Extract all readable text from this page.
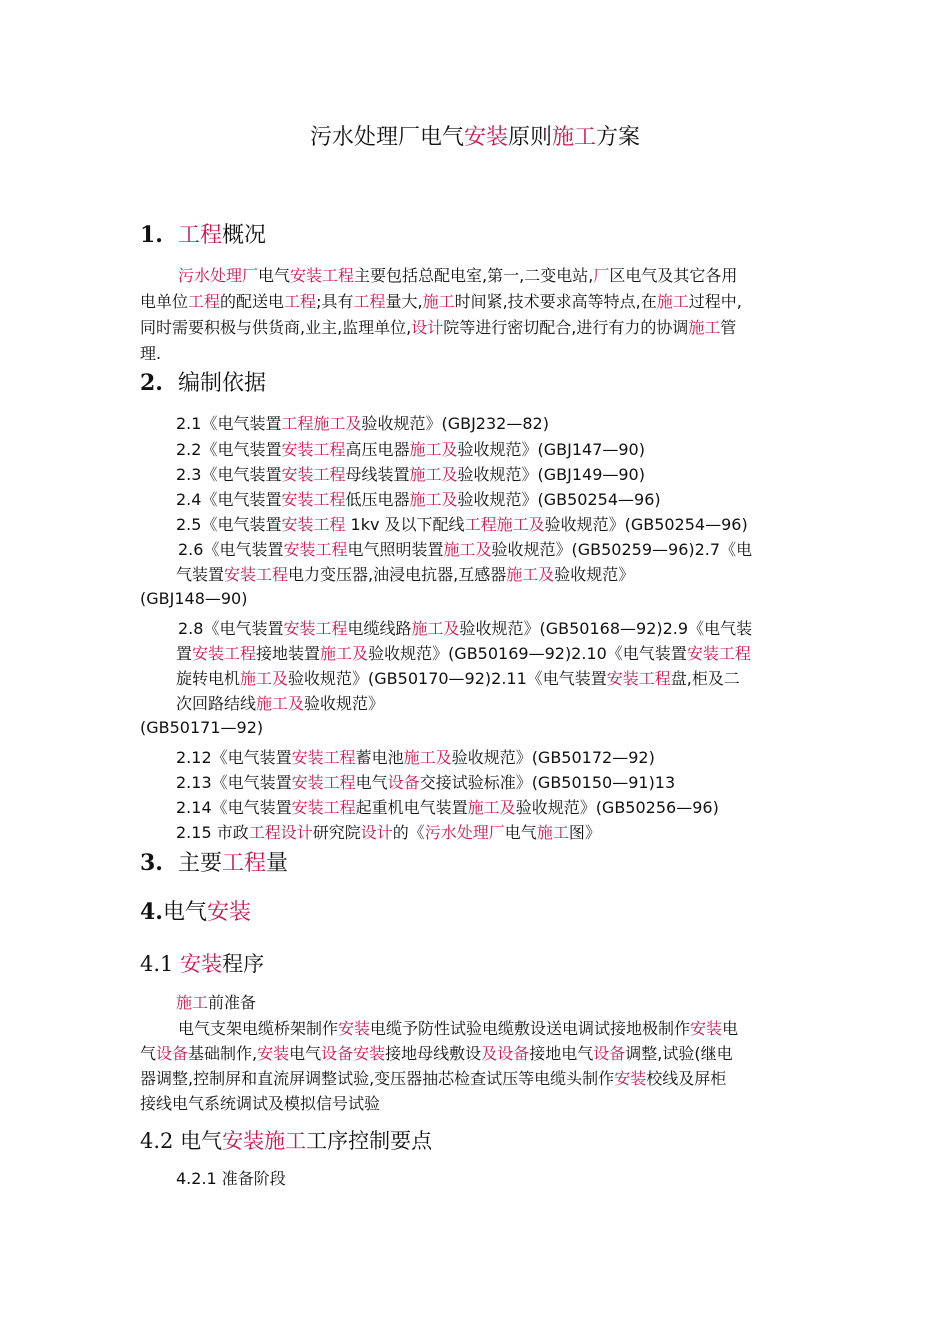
污水处理厂电气安装原则施工方案
1. 工程概况
污水处理厂电气安装工程主要包括总配电室,第一,二变电站,厂区电气及其它各用
电单位工程的配送电工程;具有工程量大,施工时间紧,技术要求高等特点,在施工过程中,
同时需要积极与供货商,业主,监理单位,设计院等进行密切配合,进行有力的协调施工管
理.
2. 编制依据
2.1《电气装置工程施工及验收规范》(GBJ232—82)
2.2《电气装置安装工程高压电器施工及验收规范》(GBJ147—90)
2.3《电气装置安装工程母线装置施工及验收规范》(GBJ149—90)
2.4《电气装置安装工程低压电器施工及验收规范》(GB50254—96)
2.5《电气装置安装工程 1kv 及以下配线工程施工及验收规范》(GB50254—96)
2.6《电气装置安装工程电气照明装置施工及验收规范》(GB50259—96)2.7《电
气装置安装工程电力变压器,油浸电抗器,互感器施工及验收规范》
(GBJ148—90)
2.8《电气装置安装工程电缆线路施工及验收规范》(GB50168—92)2.9《电气装
置安装工程接地装置施工及验收规范》(GB50169—92)2.10《电气装置安装工程
旋转电机施工及验收规范》(GB50170—92)2.11《电气装置安装工程盘,柜及二
次回路结线施工及验收规范》
(GB50171—92)
2.12《电气装置安装工程蓄电池施工及验收规范》(GB50172—92)
2.13《电气装置安装工程电气设备交接试验标准》(GB50150—91)13
2.14《电气装置安装工程起重机电气装置施工及验收规范》(GB50256—96)
2.15 市政工程设计研究院设计的《污水处理厂电气施工图》
3. 主要工程量
4.电气安装
4.1 安装程序
施工前准备
电气支架电缆桥架制作安装电缆予防性试验电缆敷设送电调试接地极制作安装电
气设备基础制作,安装电气设备安装接地母线敷设及设备接地电气设备调整,试验(继电
器调整,控制屏和直流屏调整试验,变压器抽芯检查试压等电缆头制作安装校线及屏柜
接线电气系统调试及模拟信号试验
4.2 电气安装施工工序控制要点
4.2.1 准备阶段
